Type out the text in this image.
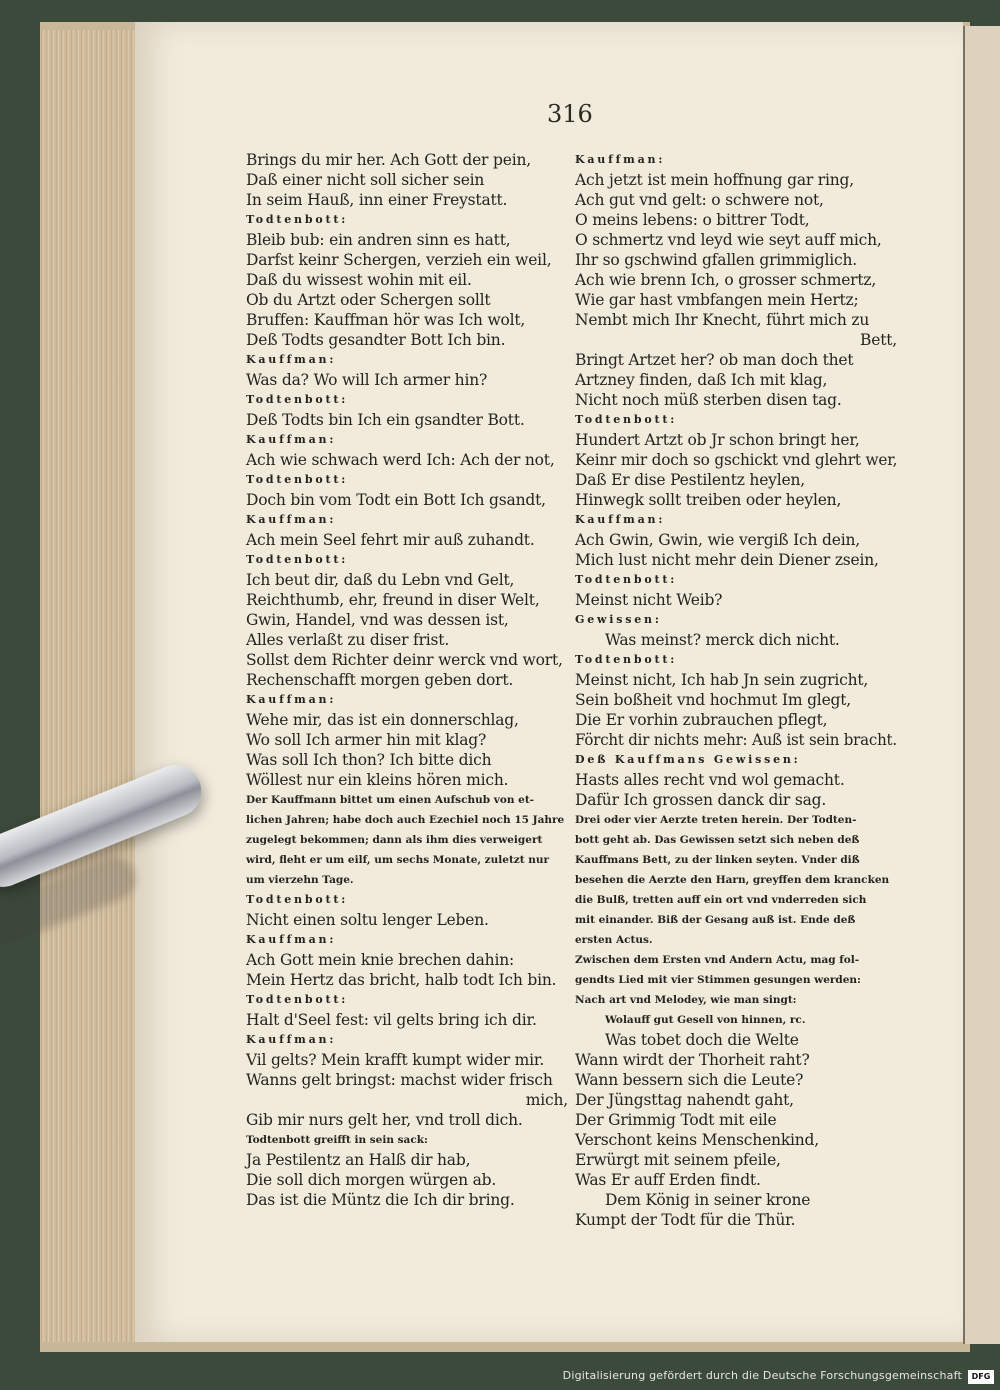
316
Brings du mir her. Ach Gott der pein,
Daß einer nicht soll sicher sein
In seim Hauß, inn einer Freystatt.
Todtenbott:
Bleib bub: ein andren sinn es hatt,
Darfst keinr Schergen, verzieh ein weil,
Daß du wissest wohin mit eil.
Ob du Artzt oder Schergen sollt
Bruffen: Kauffman hör was Ich wolt,
Deß Todts gesandter Bott Ich bin.
Kauffman:
Was da? Wo will Ich armer hin?
Todtenbott:
Deß Todts bin Ich ein gsandter Bott.
Kauffman:
Ach wie schwach werd Ich: Ach der not,
Todtenbott:
Doch bin vom Todt ein Bott Ich gsandt,
Kauffman:
Ach mein Seel fehrt mir auß zuhandt.
Todtenbott:
Ich beut dir, daß du Lebn vnd Gelt,
Reichthumb, ehr, freund in diser Welt,
Gwin, Handel, vnd was dessen ist,
Alles verlaßt zu diser frist.
Sollst dem Richter deinr werck vnd wort,
Rechenschafft morgen geben dort.
Kauffman:
Wehe mir, das ist ein donnerschlag,
Wo soll Ich armer hin mit klag?
Was soll Ich thon? Ich bitte dich
Wöllest nur ein kleins hören mich.
Der Kauffmann bittet um einen Aufschub von et-
lichen Jahren; habe doch auch Ezechiel noch 15 Jahre
zugelegt bekommen; dann als ihm dies verweigert
wird, fleht er um eilf, um sechs Monate, zuletzt nur
um vierzehn Tage.
Todtenbott:
Nicht einen soltu lenger Leben.
Kauffman:
Ach Gott mein knie brechen dahin:
Mein Hertz das bricht, halb todt Ich bin.
Todtenbott:
Halt d'Seel fest: vil gelts bring ich dir.
Kauffman:
Vil gelts? Mein krafft kumpt wider mir.
Wanns gelt bringst: machst wider frisch
mich,
Gib mir nurs gelt her, vnd troll dich.
Todtenbott greifft in sein sack:
Ja Pestilentz an Halß dir hab,
Die soll dich morgen würgen ab.
Das ist die Müntz die Ich dir bring.
Kauffman:
Ach jetzt ist mein hoffnung gar ring,
Ach gut vnd gelt: o schwere not,
O meins lebens: o bittrer Todt,
O schmertz vnd leyd wie seyt auff mich,
Ihr so gschwind gfallen grimmiglich.
Ach wie brenn Ich, o grosser schmertz,
Wie gar hast vmbfangen mein Hertz;
Nembt mich Ihr Knecht, führt mich zu
Bett,
Bringt Artzet her? ob man doch thet
Artzney finden, daß Ich mit klag,
Nicht noch müß sterben disen tag.
Todtenbott:
Hundert Artzt ob Jr schon bringt her,
Keinr mir doch so gschickt vnd glehrt wer,
Daß Er dise Pestilentz heylen,
Hinwegk sollt treiben oder heylen,
Kauffman:
Ach Gwin, Gwin, wie vergiß Ich dein,
Mich lust nicht mehr dein Diener zsein,
Todtenbott:
Meinst nicht Weib?
Gewissen:
Was meinst? merck dich nicht.
Todtenbott:
Meinst nicht, Ich hab Jn sein zugricht,
Sein boßheit vnd hochmut Im glegt,
Die Er vorhin zubrauchen pflegt,
Förcht dir nichts mehr: Auß ist sein bracht.
Deß Kauffmans Gewissen:
Hasts alles recht vnd wol gemacht.
Dafür Ich grossen danck dir sag.
Drei oder vier Aerzte treten herein. Der Todten-
bott geht ab. Das Gewissen setzt sich neben deß
Kauffmans Bett, zu der linken seyten. Vnder diß
besehen die Aerzte den Harn, greyffen dem krancken
die Bulß, tretten auff ein ort vnd vnderreden sich
mit einander. Biß der Gesang auß ist. Ende deß
ersten Actus.
Zwischen dem Ersten vnd Andern Actu, mag fol-
gendts Lied mit vier Stimmen gesungen werden:
Nach art vnd Melodey, wie man singt:
Wolauff gut Gesell von hinnen, rc.
Was tobet doch die Welte
Wann wirdt der Thorheit raht?
Wann bessern sich die Leute?
Der Jüngsttag nahendt gaht,
Der Grimmig Todt mit eile
Verschont keins Menschenkind,
Erwürgt mit seinem pfeile,
Was Er auff Erden findt.
Dem König in seiner krone
Kumpt der Todt für die Thür.
Digitalisierung gefördert durch die Deutsche Forschungsgemeinschaft	DFG
